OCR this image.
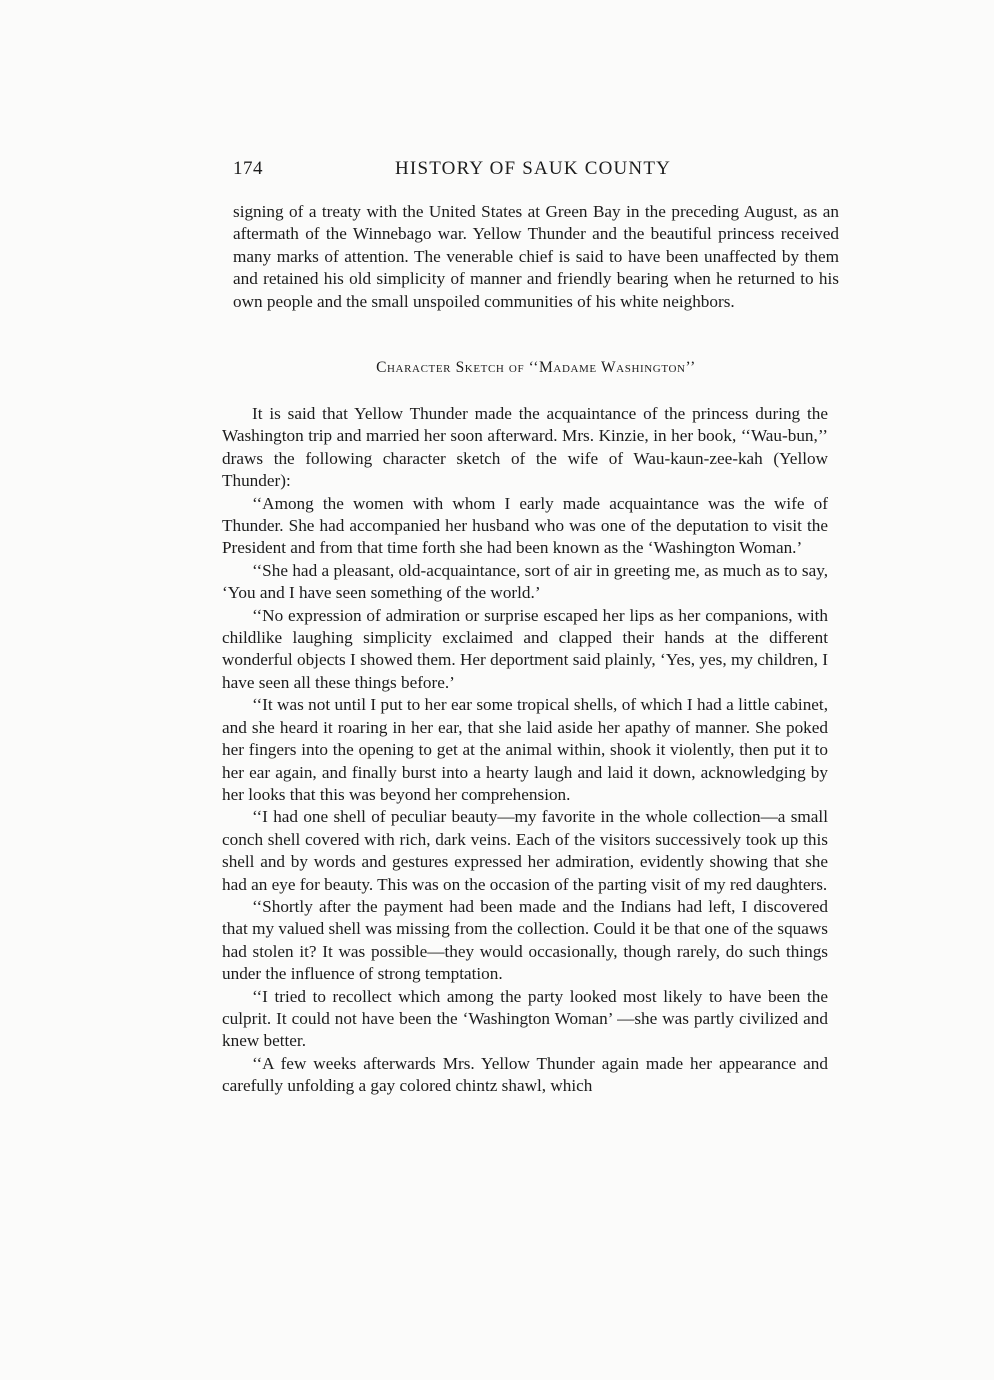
174	HISTORY OF SAUK COUNTY

signing of a treaty with the United States at Green Bay in the preceding August, as an aftermath of the Winnebago war. Yellow Thunder and the beautiful princess received many marks of attention. The venerable chief is said to have been unaffected by them and retained his old simplicity of manner and friendly bearing when he returned to his own people and the small unspoiled communities of his white neighbors.

Character Sketch of ‘‘Madame Washington’’

It is said that Yellow Thunder made the acquaintance of the princess during the Washington trip and married her soon afterward. Mrs. Kinzie, in her book, ‘‘Wau-bun,’’ draws the following character sketch of the wife of Wau-kaun-zee-kah (Yellow Thunder):

‘‘Among the women with whom I early made acquaintance was the wife of Thunder. She had accompanied her husband who was one of the deputation to visit the President and from that time forth she had been known as the ‘Washington Woman.’

‘‘She had a pleasant, old-acquaintance, sort of air in greeting me, as much as to say, ‘You and I have seen something of the world.’

‘‘No expression of admiration or surprise escaped her lips as her companions, with childlike laughing simplicity exclaimed and clapped their hands at the different wonderful objects I showed them. Her deportment said plainly, ‘Yes, yes, my children, I have seen all these things before.’

‘‘It was not until I put to her ear some tropical shells, of which I had a little cabinet, and she heard it roaring in her ear, that she laid aside her apathy of manner. She poked her fingers into the opening to get at the animal within, shook it violently, then put it to her ear again, and finally burst into a hearty laugh and laid it down, acknowledging by her looks that this was beyond her comprehension.

‘‘I had one shell of peculiar beauty—my favorite in the whole collection—a small conch shell covered with rich, dark veins. Each of the visitors successively took up this shell and by words and gestures expressed her admiration, evidently showing that she had an eye for beauty. This was on the occasion of the parting visit of my red daughters.

‘‘Shortly after the payment had been made and the Indians had left, I discovered that my valued shell was missing from the collection. Could it be that one of the squaws had stolen it? It was possible—they would occasionally, though rarely, do such things under the influence of strong temptation.

‘‘I tried to recollect which among the party looked most likely to have been the culprit. It could not have been the ‘Washington Woman’ —she was partly civilized and knew better.

‘‘A few weeks afterwards Mrs. Yellow Thunder again made her appearance and carefully unfolding a gay colored chintz shawl, which
